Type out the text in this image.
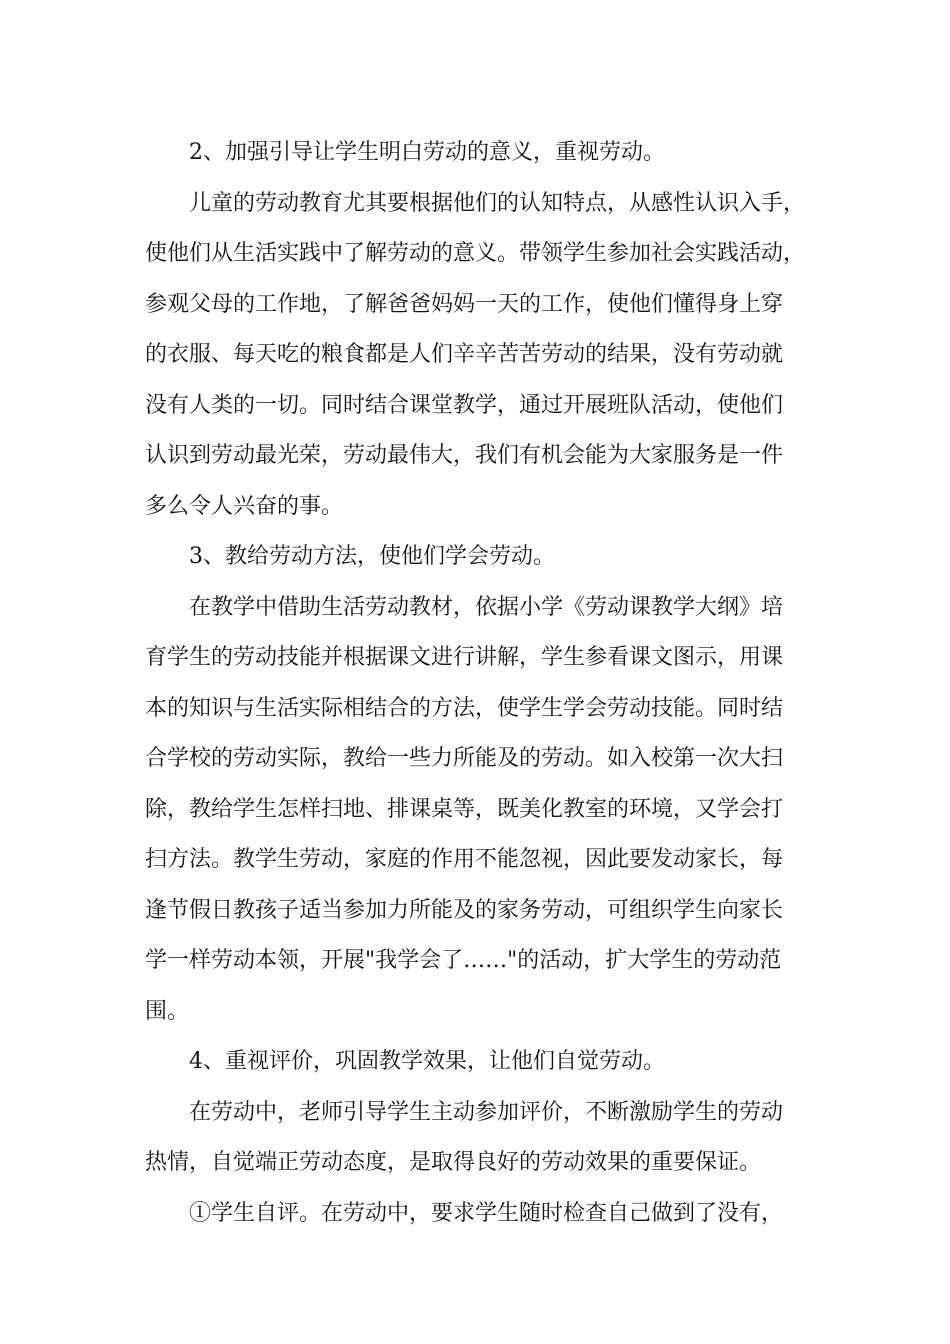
2、加强引导让学生明白劳动的意义，重视劳动。
儿童的劳动教育尤其要根据他们的认知特点，从感性认识入手，
使他们从生活实践中了解劳动的意义。带领学生参加社会实践活动，
参观父母的工作地，了解爸爸妈妈一天的工作，使他们懂得身上穿
的衣服、每天吃的粮食都是人们辛辛苦苦劳动的结果，没有劳动就
没有人类的一切。同时结合课堂教学，通过开展班队活动，使他们
认识到劳动最光荣，劳动最伟大，我们有机会能为大家服务是一件
多么令人兴奋的事。
3、教给劳动方法，使他们学会劳动。
在教学中借助生活劳动教材，依据小学《劳动课教学大纲》培
育学生的劳动技能并根据课文进行讲解，学生参看课文图示，用课
本的知识与生活实际相结合的方法，使学生学会劳动技能。同时结
合学校的劳动实际，教给一些力所能及的劳动。如入校第一次大扫
除，教给学生怎样扫地、排课桌等，既美化教室的环境，又学会打
扫方法。教学生劳动，家庭的作用不能忽视，因此要发动家长，每
逢节假日教孩子适当参加力所能及的家务劳动，可组织学生向家长
学一样劳动本领，开展"我学会了……"的活动，扩大学生的劳动范
围。
4、重视评价，巩固教学效果，让他们自觉劳动。
在劳动中，老师引导学生主动参加评价，不断激励学生的劳动
热情，自觉端正劳动态度，是取得良好的劳动效果的重要保证。
①学生自评。在劳动中，要求学生随时检查自己做到了没有，
